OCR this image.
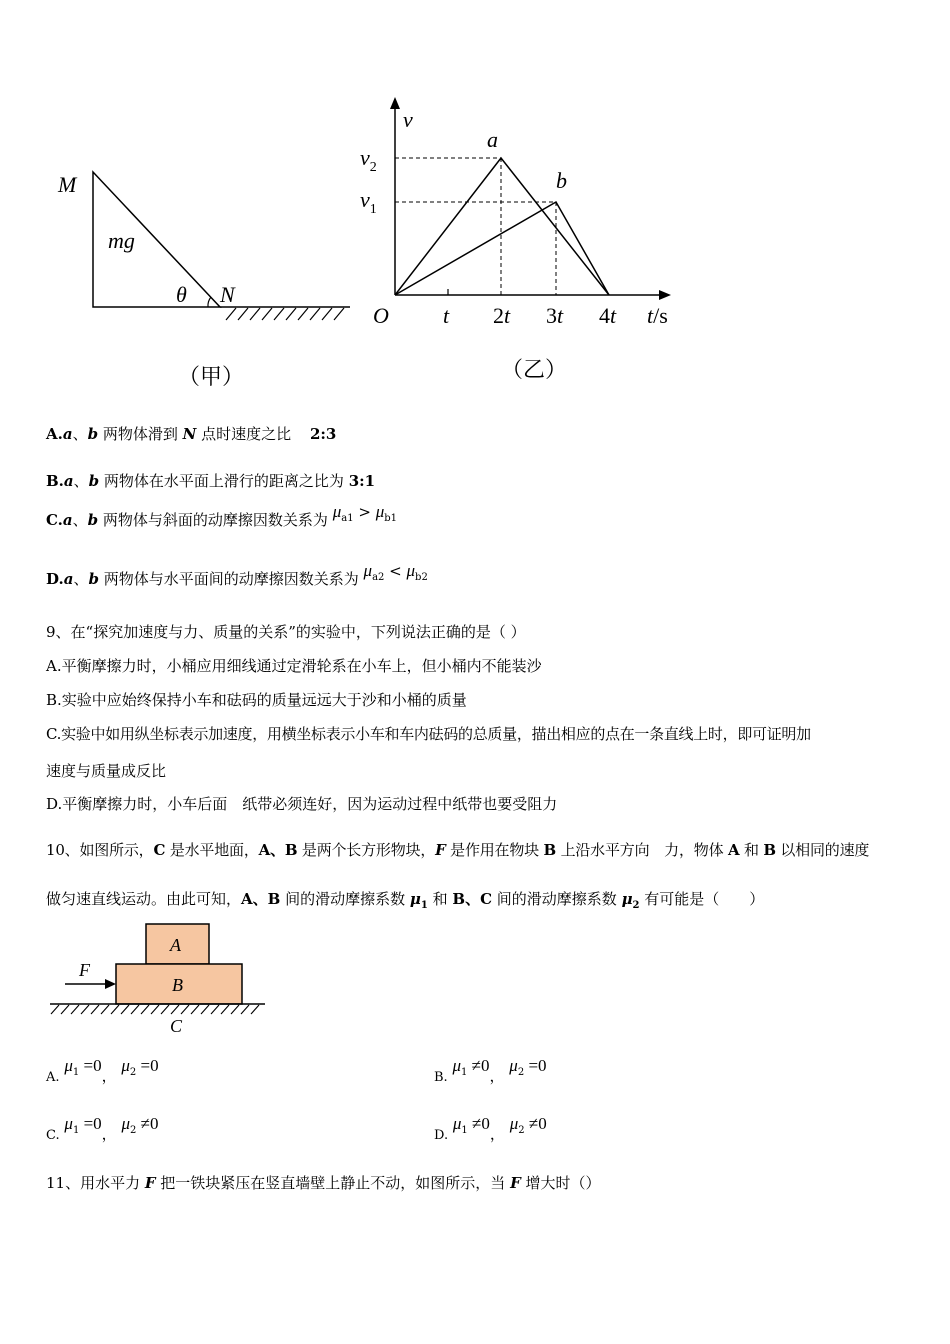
M
mg
θ N
（甲）
v
$v_2$
$v_1$
a
b
O t 2t 3t 4t t/s
（乙）
A.a、b 两物体滑到 N 点时速度之比 2:3
B.a、b 两物体在水平面上滑行的距离之比为 3:1
C.a、b 两物体与斜面的动摩擦因数关系为 $\mu_{a1} > \mu_{b1}$
D.a、b 两物体与水平面间的动摩擦因数关系为 $\mu_{a2} < \mu_{b2}$
9、在“探究加速度与力、质量的关系”的实验中，下列说法正确的是（ ）
A.平衡摩擦力时，小桶应用细线通过定滑轮系在小车上，但小桶内不能装沙
B.实验中应始终保持小车和砝码的质量远远大于沙和小桶的质量
C.实验中如用纵坐标表示加速度，用横坐标表示小车和车内砝码的总质量，描出相应的点在一条直线上时，即可证明加
速度与质量成反比
D.平衡摩擦力时，小车后面　纸带必须连好，因为运动过程中纸带也要受阻力
10、如图所示，C 是水平地面，A、B 是两个长方形物块，F 是作用在物块 B 上沿水平方向　力，物体 A 和 B 以相同的速度
做匀速直线运动。由此可知，A、B 间的滑动摩擦系数 $\mu_1$ 和 B、C 间的滑动摩擦系数 $\mu_2$ 有可能是（　　）
A
B
F
C
A. $\mu_1 =0$， $\mu_2 =0$
B. $\mu_1 \ne 0$， $\mu_2 =0$
C. $\mu_1 =0$， $\mu_2 \ne 0$
D. $\mu_1 \ne 0$， $\mu_2 \ne 0$
11、用水平力 F 把一铁块紧压在竖直墙壁上静止不动，如图所示，当 F 增大时（）
